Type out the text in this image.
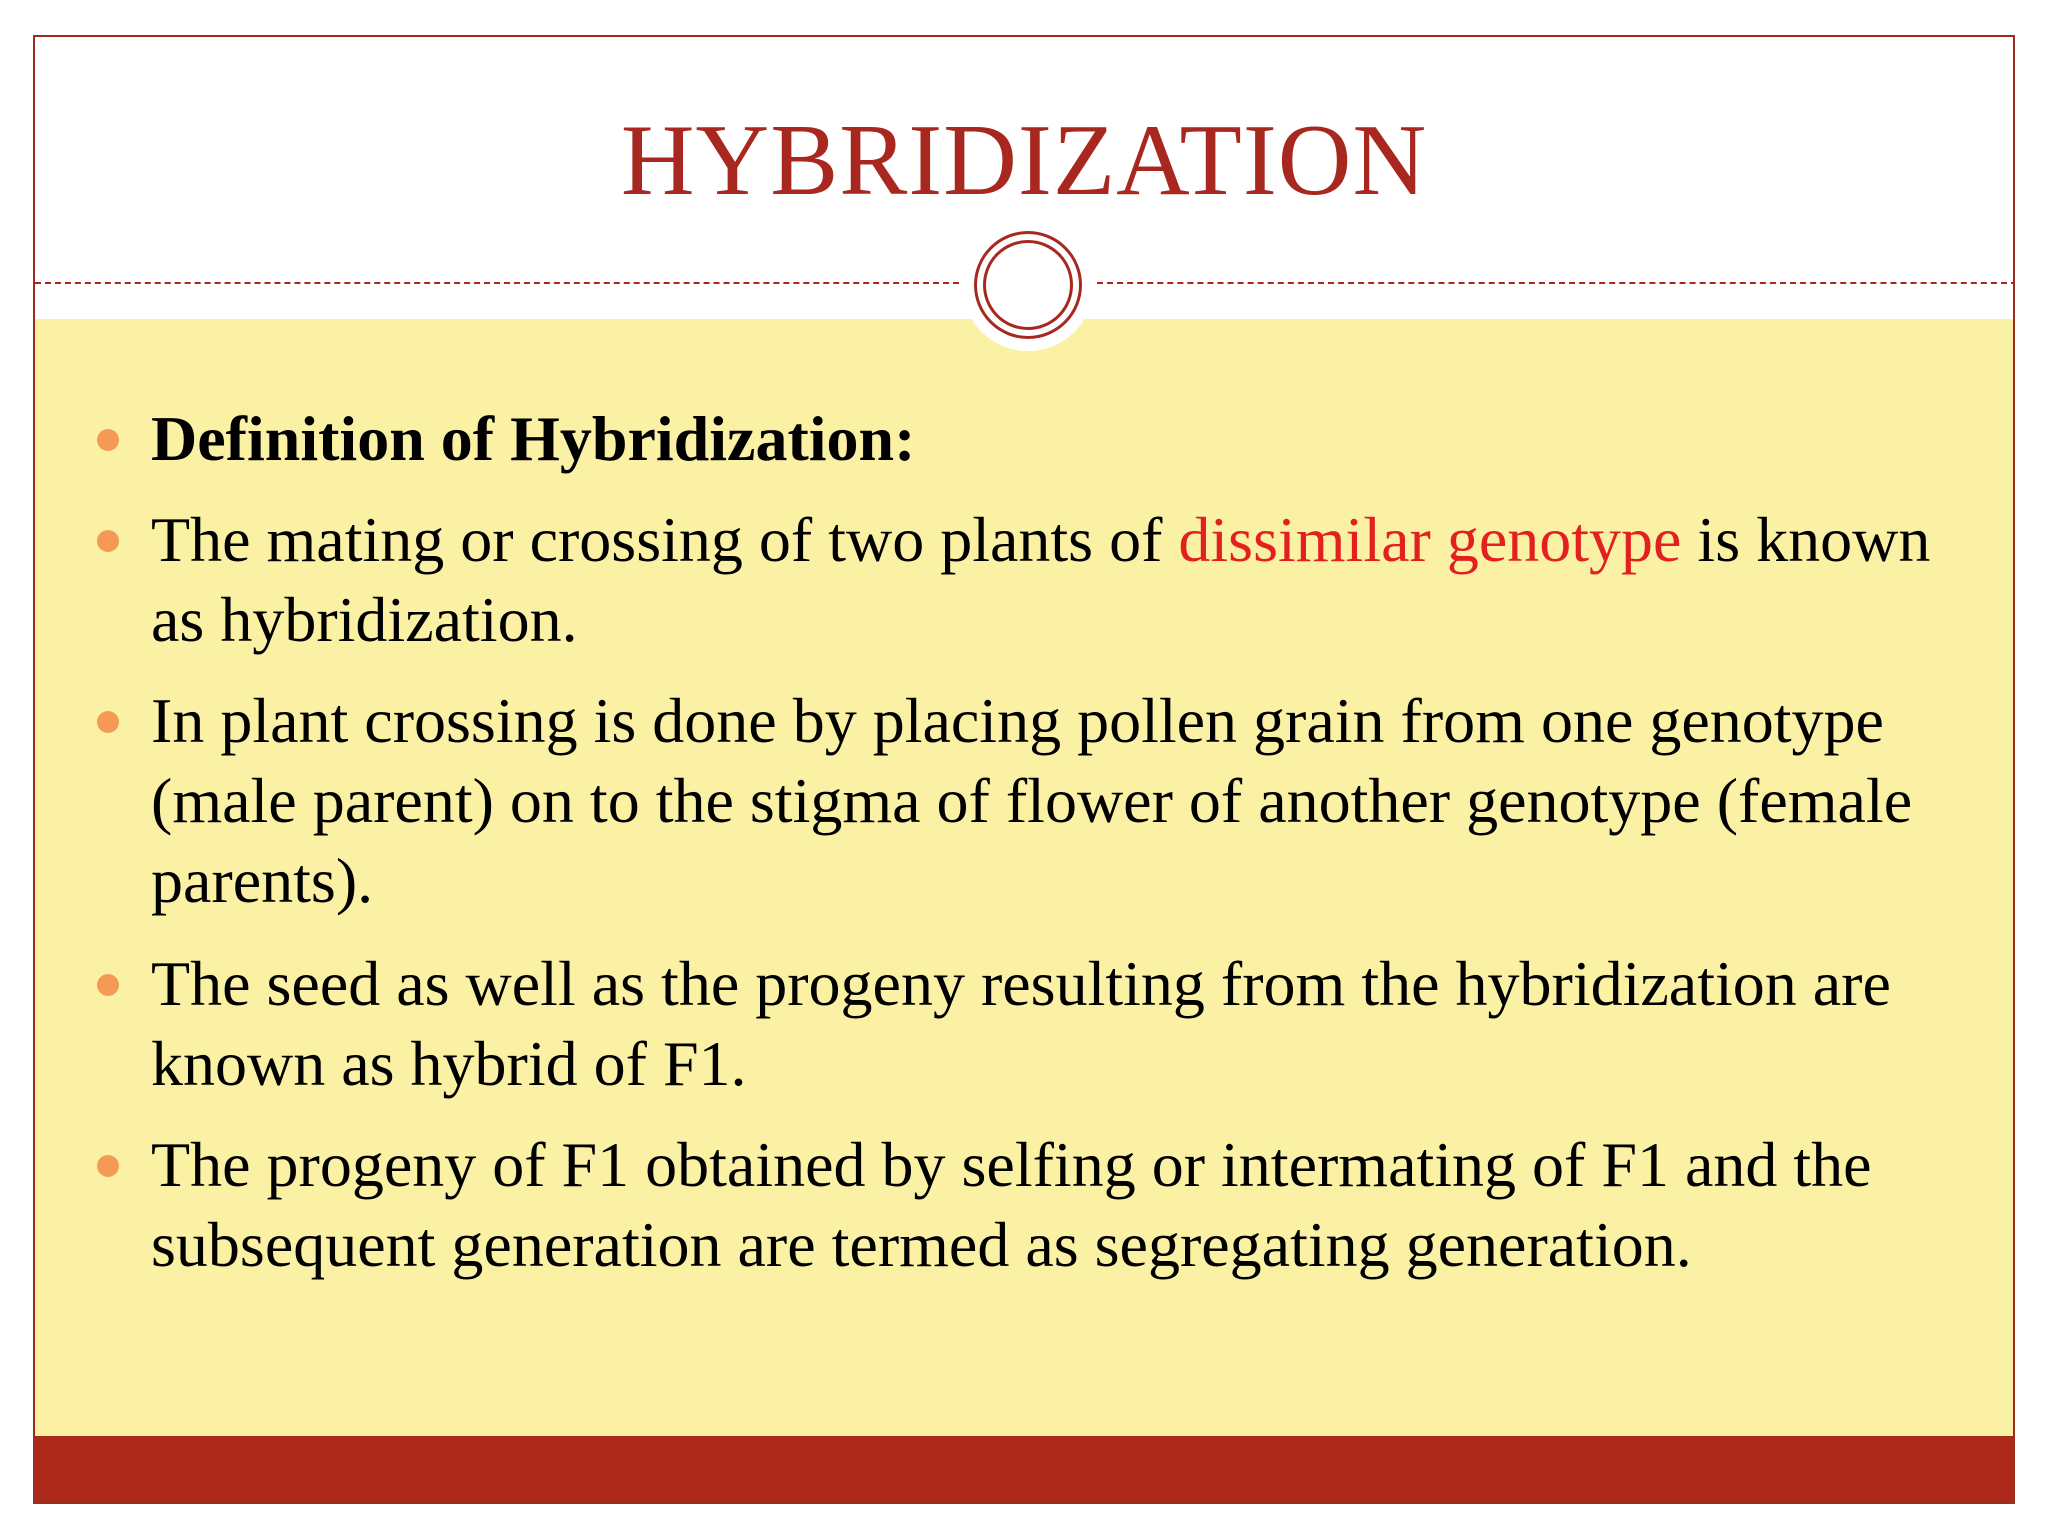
HYBRIDIZATION
Definition of Hybridization:
The mating or crossing of two plants of dissimilar genotype is known as hybridization.
In plant crossing is done by placing pollen grain from one genotype (male parent) on to the stigma of flower of another genotype (female parents).
The seed as well as the progeny resulting from the hybridization are known as hybrid of F1.
The progeny of F1 obtained by selfing or intermating of F1 and the subsequent generation are termed as segregating generation.
